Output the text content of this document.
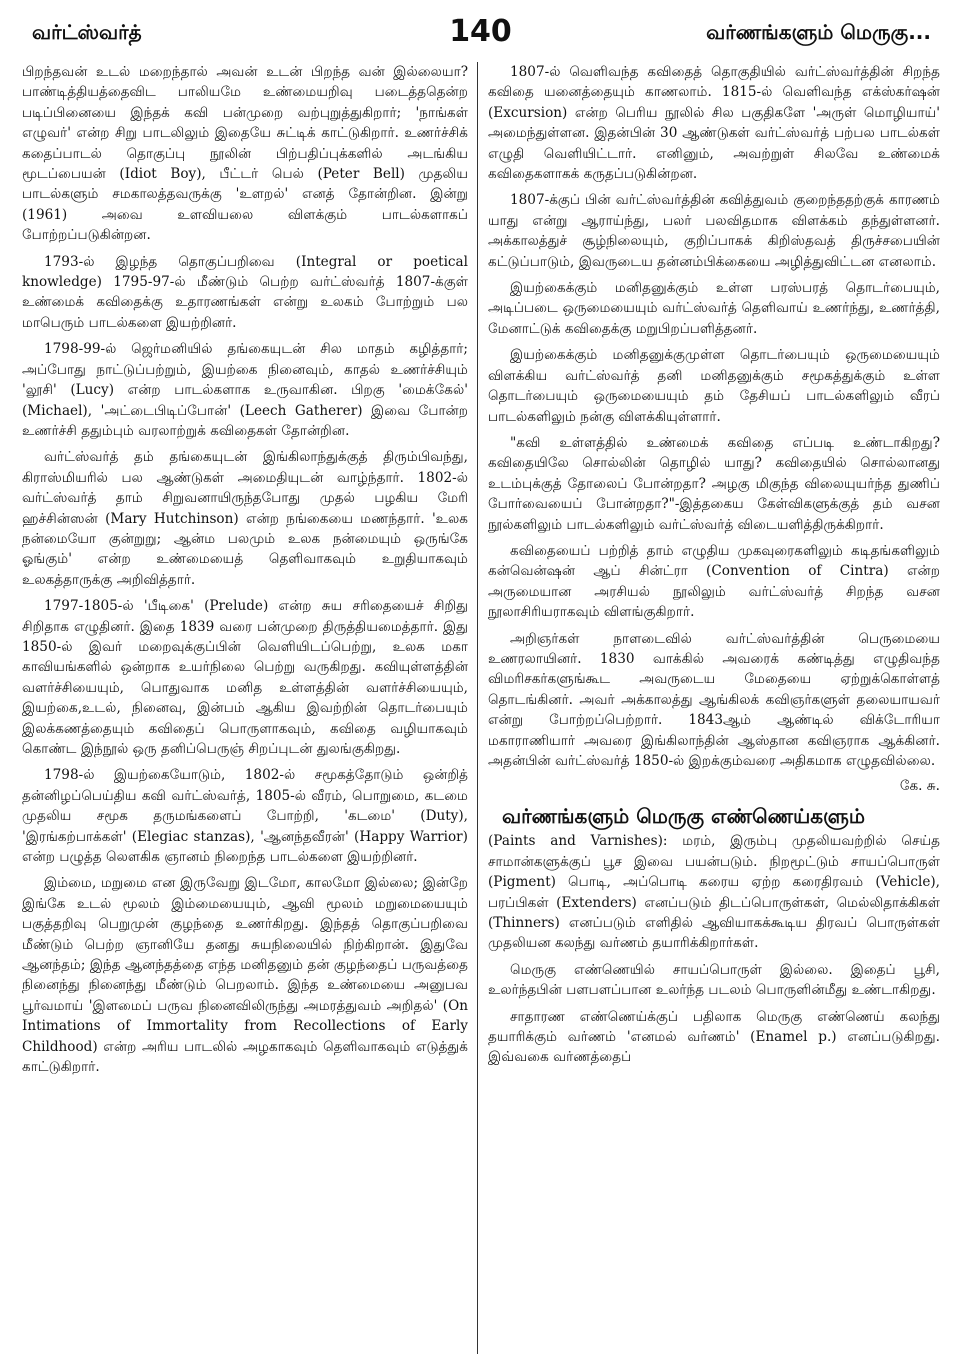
வர்ட்ஸ்வர்த்	140	வர்ணங்களும் மெருகு...

பிறந்தவன் உடல் மறைந்தால் அவன் உடன் பிறந்த வன் இல்லையா? பாண்டித்தியத்தைவிட பாலியமே உண்மையறிவு படைத்ததென்ற படிப்பினையை இந்தக் கவி பன்முறை வற்புறுத்துகிறார்; 'நாங்கள் எழுவர்' என்ற சிறு பாடலிலும் இதையே சுட்டிக் காட்டுகிறார். உணர்ச்சிக் கதைப்பாடல் தொகுப்பு நூலின் பிற்பதிப்புக்களில் அடங்கிய மூடப்பையன் (Idiot Boy), பீட்டர் பெல் (Peter Bell) முதலிய பாடல்களும் சமகாலத்தவருக்கு 'உளறல்' எனத் தோன்றின. இன்று (1961) அவை உளவியலை விளக்கும் பாடல்களாகப் போற்றப்படுகின்றன.

1793-ல் இழந்த தொகுப்பறிவை (Integral or poetical knowledge) 1795-97-ல் மீண்டும் பெற்ற வர்ட்ஸ்வர்த் 1807-க்குள் உண்மைக் கவிதைக்கு உதாரணங்கள் என்று உலகம் போற்றும் பல மாபெரும் பாடல்களை இயற்றினர்.

1798-99-ல் ஜெர்மனியில் தங்கையுடன் சில மாதம் கழித்தார்; அப்போது நாட்டுப்பற்றும், இயற்கை நினைவும், காதல் உணர்ச்சியும் 'லூசி' (Lucy) என்ற பாடல்களாக உருவாகின. பிறகு 'மைக்கேல்' (Michael), 'அட்டைபிடிப்போன்' (Leech Gatherer) இவை போன்ற உணர்ச்சி ததும்பும் வரலாற்றுக் கவிதைகள் தோன்றின.

வர்ட்ஸ்வர்த் தம் தங்கையுடன் இங்கிலாந்துக்குத் திரும்பிவந்து, கிராஸ்மியரில் பல ஆண்டுகள் அமைதியுடன் வாழ்ந்தார். 1802-ல் வர்ட்ஸ்வர்த் தாம் சிறுவனாயிருந்தபோது முதல் பழகிய மேரி ஹச்சின்ஸன் (Mary Hutchinson) என்ற நங்கையை மணந்தார். 'உலக நன்மையோ குன்றுறு; ஆன்ம பலமும் உலக நன்மையும் ஒருங்கே ஓங்கும்' என்ற உண்மையைத் தெளிவாகவும் உறுதியாகவும் உலகத்தாருக்கு அறிவித்தார்.

1797-1805-ல் 'பீடிகை' (Prelude) என்ற சுய சரிதையைச் சிறிது சிறிதாக எழுதினர். இதை 1839 வரை பன்முறை திருத்தியமைத்தார். இது 1850-ல் இவர் மறைவுக்குப்பின் வெளியிடப்பெற்று, உலக மகா காவியங்களில் ஒன்றாக உயர்நிலை பெற்று வருகிறது. கவியுள்ளத்தின் வளர்ச்சியையும், பொதுவாக மனித உள்ளத்தின் வளர்ச்சியையும், இயற்கை,உடல், நினைவு, இன்பம் ஆகிய இவற்றின் தொடர்பையும் இலக்கணத்தையும் கவிதைப் பொருளாகவும், கவிதை வழியாகவும் கொண்ட இந்நூல் ஒரு தனிப்பெருஞ் சிறப்புடன் துலங்குகிறது.

1798-ல் இயற்கையோடும், 1802-ல் சமூகத்தோடும் ஒன்றித் தன்னிழப்பெய்திய கவி வர்ட்ஸ்வர்த், 1805-ல் வீரம், பொறுமை, கடமை முதலிய சமூக தருமங்களைப் போற்றி, 'கடமை' (Duty), 'இரங்கற்பாக்கள்' (Elegiac stanzas), 'ஆனந்தவீரன்' (Happy Warrior) என்ற பழுத்த லௌகிக ஞானம் நிறைந்த பாடல்களை இயற்றினர்.

இம்மை, மறுமை என இருவேறு இடமோ, காலமோ இல்லை; இன்றே இங்கே உடல் மூலம் இம்மையையும், ஆவி மூலம் மறுமையையும் பகுத்தறிவு பெறுமுன் குழந்தை உணர்கிறது. இந்தத் தொகுப்பறிவை மீண்டும் பெற்ற ஞானியே தனது சுயநிலையில் நிற்கிறான். இதுவே ஆனந்தம்; இந்த ஆனந்தத்தை எந்த மனிதனும் தன் குழந்தைப் பருவத்தை நினைந்து நினைந்து மீண்டும் பெறலாம். இந்த உண்மையை அனுபவ பூர்வமாய் 'இளமைப் பருவ நினைவிலிருந்து அமரத்துவம் அறிதல்' (On Intimations of Immortality from Recollections of Early Childhood) என்ற அரிய பாடலில் அழகாகவும் தெளிவாகவும் எடுத்துக் காட்டுகிறார்.

1807-ல் வெளிவந்த கவிதைத் தொகுதியில் வர்ட்ஸ்வர்த்தின் சிறந்த கவிதை யனைத்தையும் காணலாம். 1815-ல் வெளிவந்த எக்ஸ்கர்ஷன் (Excursion) என்ற பெரிய நூலில் சில பகுதிகளே 'அருள் மொழியாய்' அமைந்துள்ளன. இதன்பின் 30 ஆண்டுகள் வர்ட்ஸ்வர்த் பற்பல பாடல்கள் எழுதி வெளியிட்டார். எனினும், அவற்றுள் சிலவே உண்மைக் கவிதைகளாகக் கருதப்படுகின்றன.

1807-க்குப் பின் வர்ட்ஸ்வர்த்தின் கவித்துவம் குறைந்ததற்குக் காரணம் யாது என்று ஆராய்ந்து, பலர் பலவிதமாக விளக்கம் தந்துள்ளனர். அக்காலத்துச் சூழ்நிலையும், குறிப்பாகக் கிறிஸ்தவத் திருச்சபையின் கட்டுப்பாடும், இவருடைய தன்னம்பிக்கையை அழித்துவிட்டன எனலாம்.

இயற்கைக்கும் மனிதனுக்கும் உள்ள பரஸ்பரத் தொடர்பையும், அடிப்படை ஒருமையையும் வர்ட்ஸ்வர்த் தெளிவாய் உணர்ந்து, உணர்த்தி, மேனாட்டுக் கவிதைக்கு மறுபிறப்பளித்தனர்.

இயற்கைக்கும் மனிதனுக்குமுள்ள தொடர்பையும் ஒருமையையும் விளக்கிய வர்ட்ஸ்வர்த் தனி மனிதனுக்கும் சமூகத்துக்கும் உள்ள தொடர்பையும் ஒருமையையும் தம் தேசியப் பாடல்களிலும் வீரப் பாடல்களிலும் நன்கு விளக்கியுள்ளார்.

"கவி உள்ளத்தில் உண்மைக் கவிதை எப்படி உண்டாகிறது? கவிதையிலே சொல்லின் தொழில் யாது? கவிதையில் சொல்லானது உடம்புக்குத் தோலைப் போன்றதா? அழகு மிகுந்த விலையுயர்ந்த துணிப் போர்வையைப் போன்றதா?"-இத்தகைய கேள்விகளுக்குத் தம் வசன நூல்களிலும் பாடல்களிலும் வர்ட்ஸ்வர்த் விடையளித்திருக்கிறார்.

கவிதையைப் பற்றித் தாம் எழுதிய முகவுரைகளிலும் கடிதங்களிலும் கன்வென்ஷன் ஆப் சின்ட்ரா (Convention of Cintra) என்ற அருமையான அரசியல் நூலிலும் வர்ட்ஸ்வர்த் சிறந்த வசன நூலாசிரியராகவும் விளங்குகிறார்.

அறிஞர்கள் நாளடைவில் வர்ட்ஸ்வர்த்தின் பெருமையை உணரலாயினர். 1830 வாக்கில் அவரைக் கண்டித்து எழுதிவந்த விமரிசகர்களுங்கூட அவருடைய மேதையை ஏற்றுக்கொள்ளத் தொடங்கினர். அவர் அக்காலத்து ஆங்கிலக் கவிஞர்களுள் தலையாயவர் என்று போற்றப்பெற்றார். 1843ஆம் ஆண்டில் விக்டோரியா மகாராணியார் அவரை இங்கிலாந்தின் ஆஸ்தான கவிஞராக ஆக்கினர். அதன்பின் வர்ட்ஸ்வர்த் 1850-ல் இறக்கும்வரை அதிகமாக எழுதவில்லை.

கே. சு.
வர்ணங்களும் மெருகு எண்ணெய்களும்

(Paints and Varnishes): மரம், இரும்பு முதலியவற்றில் செய்த சாமான்களுக்குப் பூச இவை பயன்படும். நிறமூட்டும் சாயப்பொருள் (Pigment) பொடி, அப்பொடி கரைய ஏற்ற கரைதிரவம் (Vehicle), பரப்பிகள் (Extenders) எனப்படும் திடப்பொருள்கள், மெல்லிதாக்கிகள் (Thinners) எனப்படும் எளிதில் ஆவியாகக்கூடிய திரவப் பொருள்கள் முதலியன கலந்து வர்ணம் தயாரிக்கிறார்கள்.

மெருகு எண்ணெயில் சாயப்பொருள் இல்லை. இதைப் பூசி, உலர்ந்தபின் பளபளப்பான உலர்ந்த படலம் பொருளின்மீது உண்டாகிறது.

சாதாரண எண்ணெய்க்குப் பதிலாக மெருகு எண்ணெய் கலந்து தயாரிக்கும் வர்ணம் 'எனமல் வர்ணம்' (Enamel p.) எனப்படுகிறது. இவ்வகை வர்ணத்தைப்
